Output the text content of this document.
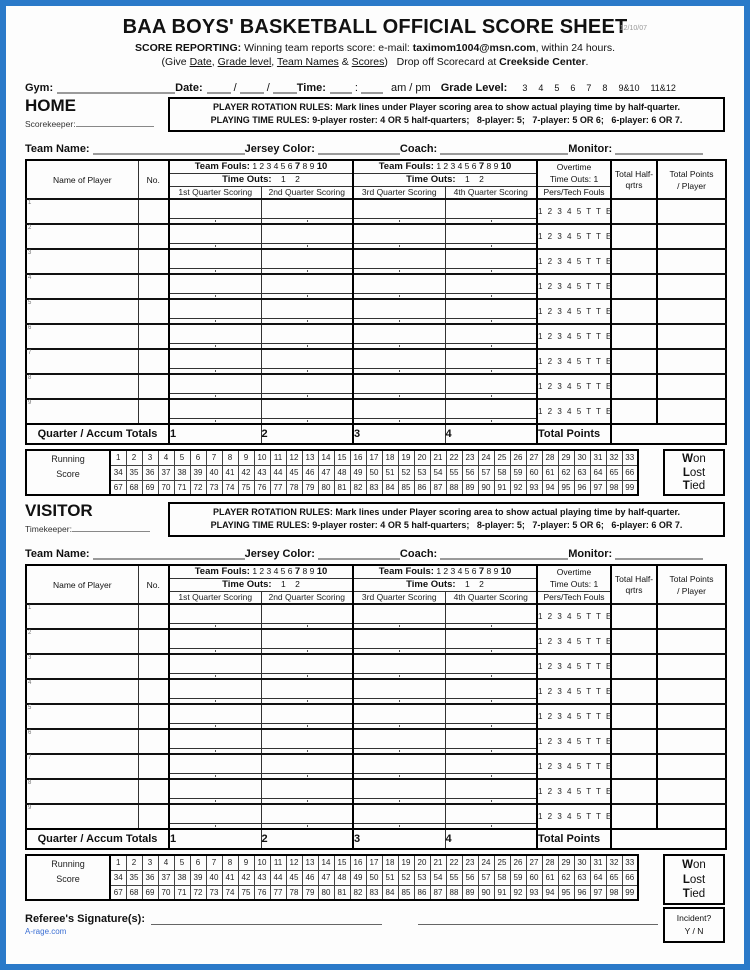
BAA BOYS' BASKETBALL OFFICIAL SCORE SHEET
12/10/07
SCORE REPORTING: Winning team reports score: e-mail: taximom1004@msn.com, within 24 hours.
(Give Date, Grade level, Team Names & Scores) Drop off Scorecard at Creekside Center.
Gym:	Date:	/	/ Time:	:	am / pm Grade Level:	3 4 5 6 7 8 9&10 11&12
HOME
Scorekeeper:
PLAYER ROTATION RULES: Mark lines under Player scoring area to show actual playing time by half-quarter.
PLAYING TIME RULES: 9-player roster: 4 OR 5 half-quarters;   8-player: 5;   7-player: 5 OR 6;   6-player: 6 OR 7.
Team Name:	Jersey Color:	Coach:	Monitor:
Name of Player	No.	Team Fouls: 1 2 3 4 5 6 7 8 9 10	Team Fouls: 1 2 3 4 5 6 7 8 9 10	Overtime
Time Outs: 1

Total Half-
qrtrs

Total Points
/ Player

		Time Outs: 1 2		Time Outs: 1 2				
		1st Quarter Scoring	2nd Quarter Scoring	3rd Quarter Scoring	4th Quarter Scoring	Pers/Tech Fouls		

1						1 2 3 4 5 T T E		

2						1 2 3 4 5 T T E		

3						1 2 3 4 5 T T E		

4						1 2 3 4 5 T T E		

5						1 2 3 4 5 T T E		

6						1 2 3 4 5 T T E		

7						1 2 3 4 5 T T E		

8						1 2 3 4 5 T T E		

9						1 2 3 4 5 T T E		
Quarter / Accum Totals		1	2	3	4	Total Points		
Running
Score	1	2	3	4	5	6	7	8	9	10	11	12	13	14	15	16	17	18	19	20	21	22	23	24	25	26	27	28	29	30	31	32	33
	34	35	36	37	38	39	40	41	42	43	44	45	46	47	48	49	50	51	52	53	54	55	56	57	58	59	60	61	62	63	64	65	66
	67	68	69	70	71	72	73	74	75	76	77	78	79	80	81	82	83	84	85	86	87	88	89	90	91	92	93	94	95	96	97	98	99
Won
Lost
Tied
VISITOR
Timekeeper:
PLAYER ROTATION RULES: Mark lines under Player scoring area to show actual playing time by half-quarter.
PLAYING TIME RULES: 9-player roster: 4 OR 5 half-quarters;   8-player: 5;   7-player: 5 OR 6;   6-player: 6 OR 7.
Team Name:	Jersey Color:	Coach:	Monitor:
Name of Player	No.	Team Fouls: 1 2 3 4 5 6 7 8 9 10	Team Fouls: 1 2 3 4 5 6 7 8 9 10	Overtime
Time Outs: 1

Total Half-
qrtrs

Total Points
/ Player

		Time Outs: 1 2		Time Outs: 1 2				
		1st Quarter Scoring	2nd Quarter Scoring	3rd Quarter Scoring	4th Quarter Scoring	Pers/Tech Fouls		

1						1 2 3 4 5 T T E		

2						1 2 3 4 5 T T E		

3						1 2 3 4 5 T T E		

4						1 2 3 4 5 T T E		

5						1 2 3 4 5 T T E		

6						1 2 3 4 5 T T E		

7						1 2 3 4 5 T T E		

8						1 2 3 4 5 T T E		

9						1 2 3 4 5 T T E		
Quarter / Accum Totals		1	2	3	4	Total Points		
Running
Score	1	2	3	4	5	6	7	8	9	10	11	12	13	14	15	16	17	18	19	20	21	22	23	24	25	26	27	28	29	30	31	32	33
	34	35	36	37	38	39	40	41	42	43	44	45	46	47	48	49	50	51	52	53	54	55	56	57	58	59	60	61	62	63	64	65	66
	67	68	69	70	71	72	73	74	75	76	77	78	79	80	81	82	83	84	85	86	87	88	89	90	91	92	93	94	95	96	97	98	99
Referee's Signature(s):
A-rage.com
Won
Lost
Tied
Incident?
Y / N
